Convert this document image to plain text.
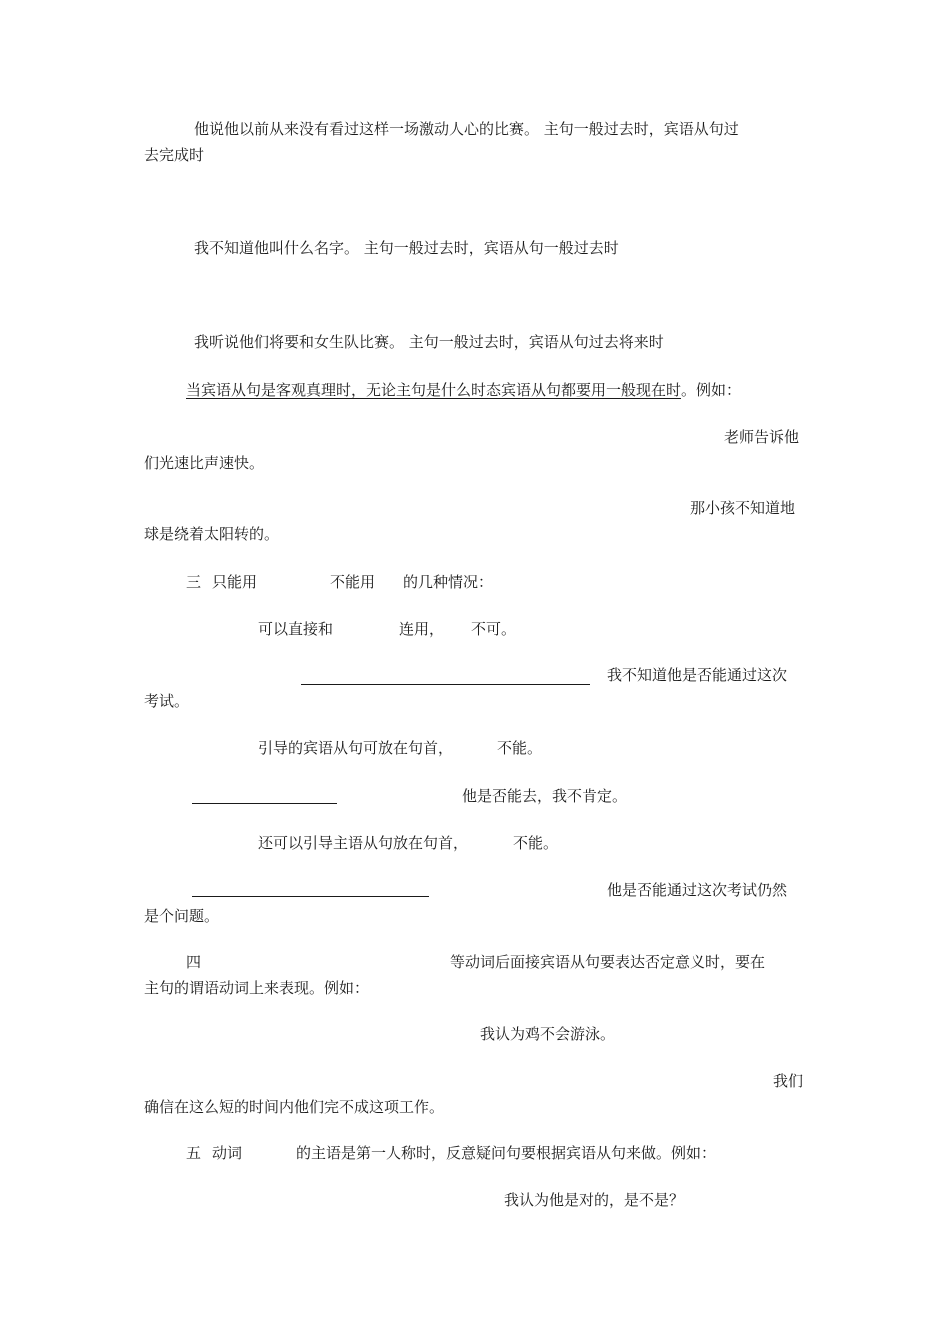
他说他以前从来没有看过这样一场激动人心的比赛。 主句一般过去时，宾语从句过
去完成时
我不知道他叫什么名字。 主句一般过去时，宾语从句一般过去时
我听说他们将要和女生队比赛。 主句一般过去时，宾语从句过去将来时
当宾语从句是客观真理时，无论主句是什么时态宾语从句都要用一般现在时。例如：
老师告诉他
们光速比声速快。
那小孩不知道地
球是绕着太阳转的。
三 只能用	不能用 的几种情况：
可以直接和	连用， 不可。
我不知道他是否能通过这次
考试。
引导的宾语从句可放在句首，	不能。
他是否能去，我不肯定。
还可以引导主语从句放在句首，	不能。
他是否能通过这次考试仍然
是个问题。
四	等动词后面接宾语从句要表达否定意义时，要在
主句的谓语动词上来表现。例如：
我认为鸡不会游泳。
我们
确信在这么短的时间内他们完不成这项工作。
五 动词	的主语是第一人称时，反意疑问句要根据宾语从句来做。例如：
我认为他是对的，是不是？
